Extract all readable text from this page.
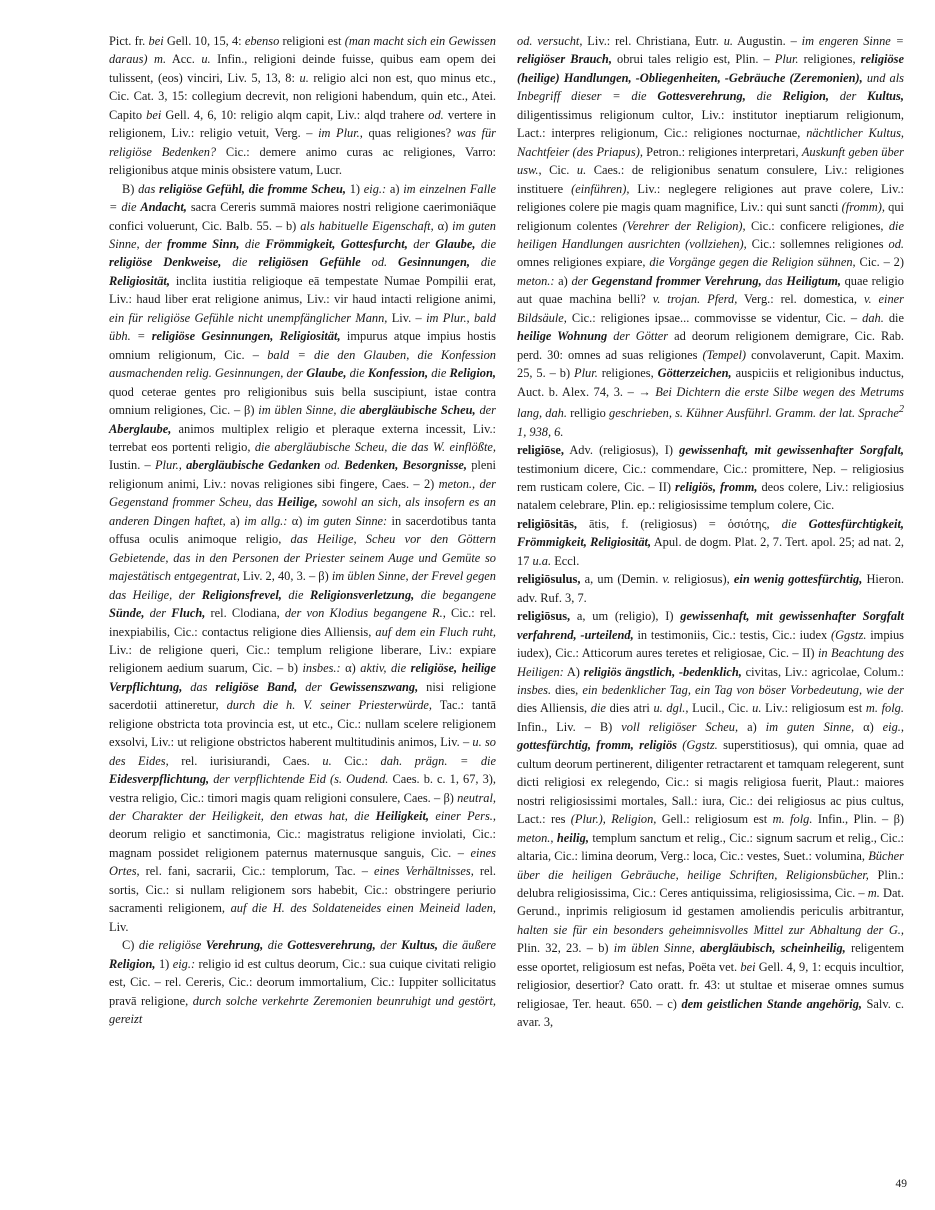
Pict. fr. bei Gell. 10, 15, 4: ebenso religioni est (man macht sich ein Gewissen daraus) m. Acc. u. Infin., religioni deinde fuisse, quibus eam opem dei tulissent, (eos) vinciri, Liv. 5, 13, 8: u. religio alci non est, quo minus etc., Cic. Cat. 3, 15: collegium decrevit, non religioni habendum, quin etc., Atei. Capito bei Gell. 4, 6, 10: religio alqm capit, Liv.: alqd trahere od. vertere in religionem, Liv.: religio vetuit, Verg. – im Plur., quas religiones? was für religiöse Bedenken? Cic.: demere animo curas ac religiones, Varro: religionibus atque minis obsistere vatum, Lucr.

B) das religiöse Gefühl, die fromme Scheu, 1) eig.: a) im einzelnen Falle = die Andacht, sacra Cereris summā maiores nostri religione caerimoniāque confici voluerunt, Cic. Balb. 55. – b) als habituelle Eigenschaft, α) im guten Sinne, der fromme Sinn, die Frömmigkeit, Gottesfurcht, der Glaube, die religiöse Denkweise, die religiösen Gefühle od. Gesinnungen, die Religiosität, inclita iustitia religioque eā tempestate Numae Pompilii erat, Liv.: haud liber erat religione animus, Liv.: vir haud intacti religione animi, ein für religiöse Gefühle nicht unempfänglicher Mann, Liv. – im Plur., bald übh. = religiöse Gesinnungen, Religiosität, impurus atque impius hostis omnium religionum, Cic. – bald = die den Glauben, die Konfession ausmachenden relig. Gesinnungen, der Glaube, die Konfession, die Religion, quod ceterae gentes pro religionibus suis bella suscipiunt, istae contra omnium religiones, Cic. – β) im üblen Sinne, die abergläubische Scheu, der Aberglaube, animos multiplex religio et pleraque externa incessit, Liv.: terrebat eos portenti religio, die abergläubische Scheu, die das W. einflößte, Iustin. – Plur., abergläubische Gedanken od. Bedenken, Besorgnisse, pleni religionum animi, Liv.: novas religiones sibi fingere, Caes. – 2) meton., der Gegenstand frommer Scheu, das Heilige, sowohl an sich, als insofern es an anderen Dingen haftet, a) im allg.: α) im guten Sinne: in sacerdotibus tanta offusa oculis animoque religio, das Heilige, Scheu vor den Göttern Gebietende, das in den Personen der Priester seinem Auge und Gemüte so majestätisch entgegentrat, Liv. 2, 40, 3. – β) im üblen Sinne, der Frevel gegen das Heilige, der Religionsfrevel, die Religionsverletzung, die begangene Sünde, der Fluch, rel. Clodiana, der von Klodius begangene R., Cic.: rel. inexpiabilis, Cic.: contactus religione dies Alliensis, auf dem ein Fluch ruht, Liv.: de religione queri, Cic.: templum religione liberare, Liv.: expiare religionem aedium suarum, Cic. – b) insbes.: α) aktiv, die religiöse, heilige Verpflichtung, das religiöse Band, der Gewissenszwang, nisi religione sacerdotii attineretur, durch die h. V. seiner Priesterwürde, Tac.: tantā religione obstricta tota provincia est, ut etc., Cic.: nullam scelere religionem exsolvi, Liv.: ut religione obstrictos haberent multitudinis animos, Liv. – u. so des Eides, rel. iurisiurandi, Caes. u. Cic.: dah. prägn. = die Eidesverpflichtung, der verpflichtende Eid (s. Oudend. Caes. b. c. 1, 67, 3), vestra religio, Cic.: timori magis quam religioni consulere, Caes. – β) neutral, der Charakter der Heiligkeit, den etwas hat, die Heiligkeit, einer Pers., deorum religio et sanctimonia, Cic.: magistratus religione inviolati, Cic.: magnam possidet religionem paternus maternusque sanguis, Cic. – eines Ortes, rel. fani, sacrarii, Cic.: templorum, Tac. – eines Verhältnisses, rel. sortis, Cic.: si nullam religionem sors habebit, Cic.: obstringere periurio sacramenti religionem, auf die H. des Soldateneides einen Meineid laden, Liv.

C) die religiöse Verehrung, die Gottesverehrung, der Kultus, die äußere Religion, 1) eig.: religio id est cultus deorum, Cic.: sua cuique civitati religio est, Cic. – rel. Cereris, Cic.: deorum immortalium, Cic.: Iuppiter sollicitatus pravā religione, durch solche verkehrte Zeremonien beunruhigt und gestört, gereizt

od. versucht, Liv.: rel. Christiana, Eutr. u. Augustin. – im engeren Sinne = religiöser Brauch, obrui tales religio est, Plin. – Plur. religiones, religiöse (heilige) Handlungen, -Obliegenheiten, -Gebräuche (Zeremonien), und als Inbegriff dieser = die Gottesverehrung, die Religion, der Kultus, diligentissimus religionum cultor, Liv.: institutor ineptiarum religionum, Lact.: interpres religionum, Cic.: religiones nocturnae, nächtlicher Kultus, Nachtfeier (des Priapus), Petron.: religiones interpretari, Auskunft geben über usw., Cic. u. Caes.: de religionibus senatum consulere, Liv.: religiones instituere (einführen), Liv.: neglegere religiones aut prave colere, Liv.: religiones colere pie magis quam magnifice, Liv.: qui sunt sancti (fromm), qui religionum colentes (Verehrer der Religion), Cic.: conficere religiones, die heiligen Handlungen ausrichten (vollziehen), Cic.: sollemnes religiones od. omnes religiones expiare, die Vorgänge gegen die Religion sühnen, Cic. – 2) meton.: a) der Gegenstand frommer Verehrung, das Heiligtum, quae religio aut quae machina belli? v. trojan. Pferd, Verg.: rel. domestica, v. einer Bildsäule, Cic.: religiones ipsae... commovisse se videntur, Cic. – dah. die heilige Wohnung der Götter ad deorum religionem demigrare, Cic. Rab. perd. 30: omnes ad suas religiones (Tempel) convolaverunt, Capit. Maxim. 25, 5. – b) Plur. religiones, Götterzeichen, auspiciis et religionibus inductus, Auct. b. Alex. 74, 3. – → Bei Dichtern die erste Silbe wegen des Metrums lang, dah. relligio geschrieben, s. Kühner Ausführl. Gramm. der lat. Sprache$^2$ 1, 938, 6.

religiōse, Adv. (religiosus), I) gewissenhaft, mit gewissenhafter Sorgfalt, testimonium dicere, Cic.: commendare, Cic.: promittere, Nep. – religiosius rem rusticam colere, Cic. – II) religiös, fromm, deos colere, Liv.: religiosius natalem celebrare, Plin. ep.: religiosissime templum colere, Cic.

religiōsitās, ātis, f. (religiosus) = ὁσιότης, die Gottesfürchtigkeit, Frömmigkeit, Religiosität, Apul. de dogm. Plat. 2, 7. Tert. apol. 25; ad nat. 2, 17 u.a. Eccl.

religiōsulus, a, um (Demin. v. religiosus), ein wenig gottesfürchtig, Hieron. adv. Ruf. 3, 7.

religiōsus, a, um (religio), I) gewissenhaft, mit gewissenhafter Sorgfalt verfahrend, -urteilend, in testimoniis, Cic.: testis, Cic.: iudex (Ggstz. impius iudex), Cic.: Atticorum aures teretes et religiosae, Cic. – II) in Beachtung des Heiligen: A) religiös ängstlich, -bedenklich, civitas, Liv.: agricolae, Colum.: insbes. dies, ein bedenklicher Tag, ein Tag von böser Vorbedeutung, wie der dies Alliensis, die dies atri u. dgl., Lucil., Cic. u. Liv.: religiosum est m. folg. Infin., Liv. – B) voll religiöser Scheu, a) im guten Sinne, α) eig., gottesfürchtig, fromm, religiös (Ggstz. superstitiosus), qui omnia, quae ad cultum deorum pertinerent, diligenter retractarent et tamquam relegerent, sunt dicti religiosi ex relegendo, Cic.: si magis religiosa fuerit, Plaut.: maiores nostri religiosissimi mortales, Sall.: iura, Cic.: dei religiosus ac pius cultus, Lact.: res (Plur.), Religion, Gell.: religiosum est m. folg. Infin., Plin. – β) meton., heilig, templum sanctum et relig., Cic.: signum sacrum et relig., Cic.: altaria, Cic.: limina deorum, Verg.: loca, Cic.: vestes, Suet.: volumina, Bücher über die heiligen Gebräuche, heilige Schriften, Religionsbücher, Plin.: delubra religiosissima, Cic.: Ceres antiquissima, religiosissima, Cic. – m. Dat. Gerund., inprimis religiosum id gestamen amoliendis periculis arbitrantur, halten sie für ein besonders geheimnisvolles Mittel zur Abhaltung der G., Plin. 32, 23. – b) im üblen Sinne, abergläubisch, scheinheilig, religentem esse oportet, religiosum est nefas, Poëta vet. bei Gell. 4, 9, 1: ecquis incultior, religiosior, desertior? Cato oratt. fr. 43: ut stultae et miserae omnes sumus religiosae, Ter. heaut. 650. – c) dem geistlichen Stande angehörig, Salv. c. avar. 3,

49
